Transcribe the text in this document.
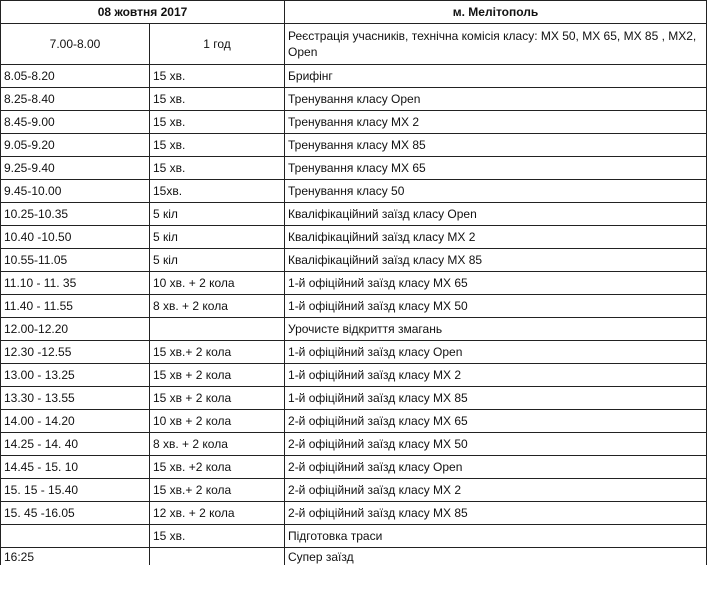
08 жовтня 2017		м. Мелітополь
7.00-8.00	1 год	Реєстрація учасників, технічна комісія класу: MX 50, MX 65, MX 85 , MX2, Open
8.05-8.20	15 хв.	Брифінг
8.25-8.40	15 хв.	Тренування класу Open
8.45-9.00	15 хв.	Тренування класу MX 2
9.05-9.20	15 хв.	Тренування класу MX 85
9.25-9.40	15 хв.	Тренування класу MX 65
9.45-10.00	15хв.	Тренування класу 50
10.25-10.35	5 кіл	Кваліфікаційний заїзд класу Open
10.40 -10.50	5 кіл	Кваліфікаційний заїзд класу MX 2
10.55-11.05	5 кіл	Кваліфікаційний заїзд класу MX 85
11.10 - 11. 35	10 хв. + 2 кола	1-й офіційний заїзд класу MX 65
11.40 - 11.55	8 хв. + 2 кола	1-й офіційний заїзд класу MX 50
12.00-12.20		Урочисте відкриття змагань
12.30 -12.55	15 хв.+ 2 кола	1-й офіційний заїзд класу Open
13.00 - 13.25	15 хв + 2 кола	1-й офіційний заїзд класу MX 2
13.30 - 13.55	15 хв + 2 кола	1-й офіційний заїзд класу MX 85
14.00 - 14.20	10 хв + 2 кола	2-й офіційний заїзд класу MX 65
14.25 - 14. 40	8 хв. + 2 кола	2-й офіційний заїзд класу MX 50
14.45 - 15. 10	15 хв. +2 кола	2-й офіційний заїзд класу Open
15. 15 - 15.40	15 хв.+ 2 кола	2-й офіційний заїзд класу MX 2
15. 45 -16.05	12 хв. + 2 кола	2-й офіційний заїзд класу MX 85
	15 хв.	Підготовка траси
16:25		Супер заїзд
